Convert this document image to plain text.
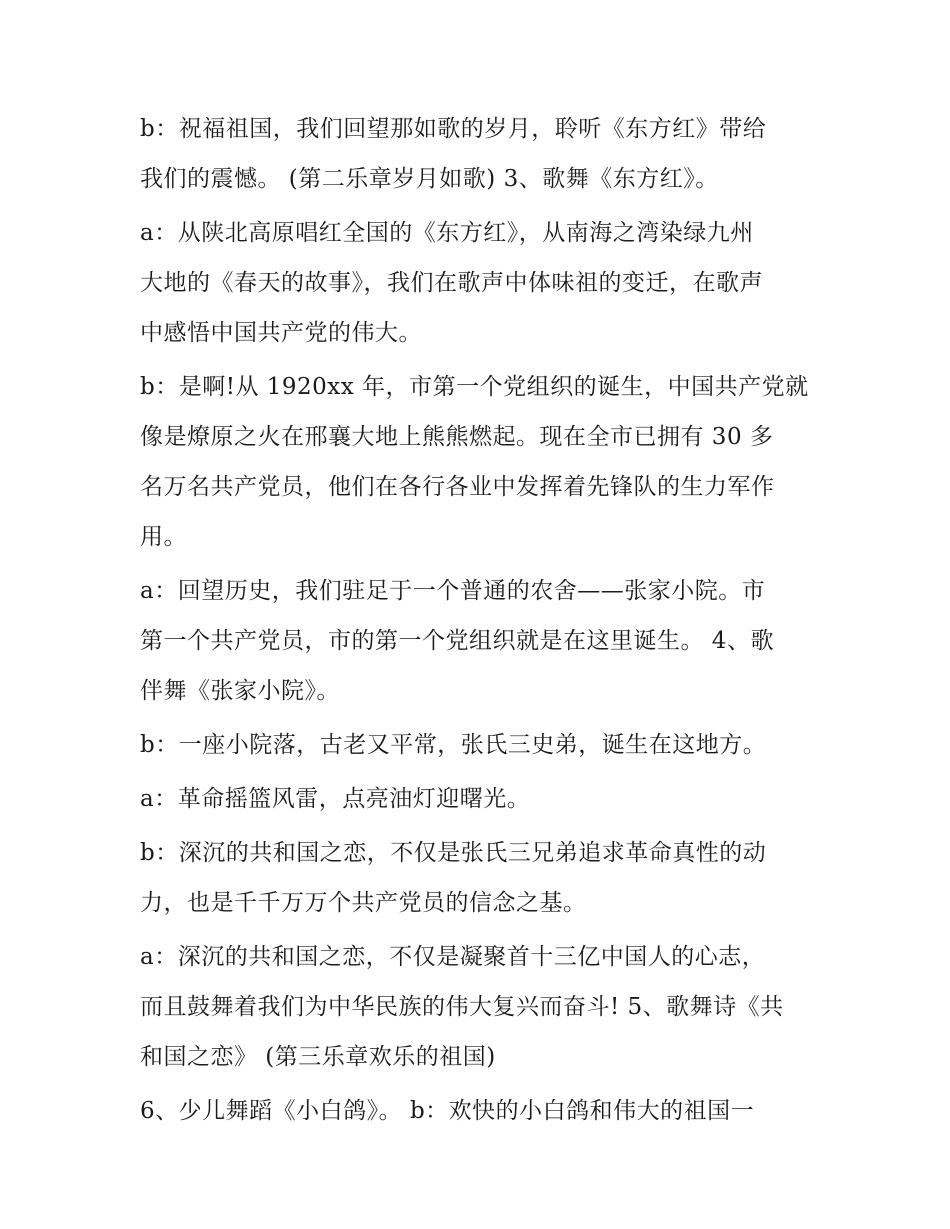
b：祝福祖国，我们回望那如歌的岁月，聆听《东方红》带给
我们的震憾。 (第二乐章岁月如歌) 3、歌舞《东方红》。

a：从陕北高原唱红全国的《东方红》，从南海之湾染绿九州
大地的《春天的故事》，我们在歌声中体味祖的变迁，在歌声
中感悟中国共产党的伟大。

b：是啊!从 1920xx 年，市第一个党组织的诞生，中国共产党就
像是燎原之火在邢襄大地上熊熊燃起。现在全市已拥有 30 多
名万名共产党员，他们在各行各业中发挥着先锋队的生力军作
用。

a：回望历史，我们驻足于一个普通的农舍——张家小院。市
第一个共产党员，市的第一个党组织就是在这里诞生。 4、歌
伴舞《张家小院》。

b：一座小院落，古老又平常，张氏三史弟，诞生在这地方。

a：革命摇篮风雷，点亮油灯迎曙光。

b：深沉的共和国之恋，不仅是张氏三兄弟追求革命真性的动
力，也是千千万万个共产党员的信念之基。

a：深沉的共和国之恋，不仅是凝聚首十三亿中国人的心志，
而且鼓舞着我们为中华民族的伟大复兴而奋斗! 5、歌舞诗《共
和国之恋》 (第三乐章欢乐的祖国)

6、少儿舞蹈《小白鸽》。 b：欢快的小白鸽和伟大的祖国一
